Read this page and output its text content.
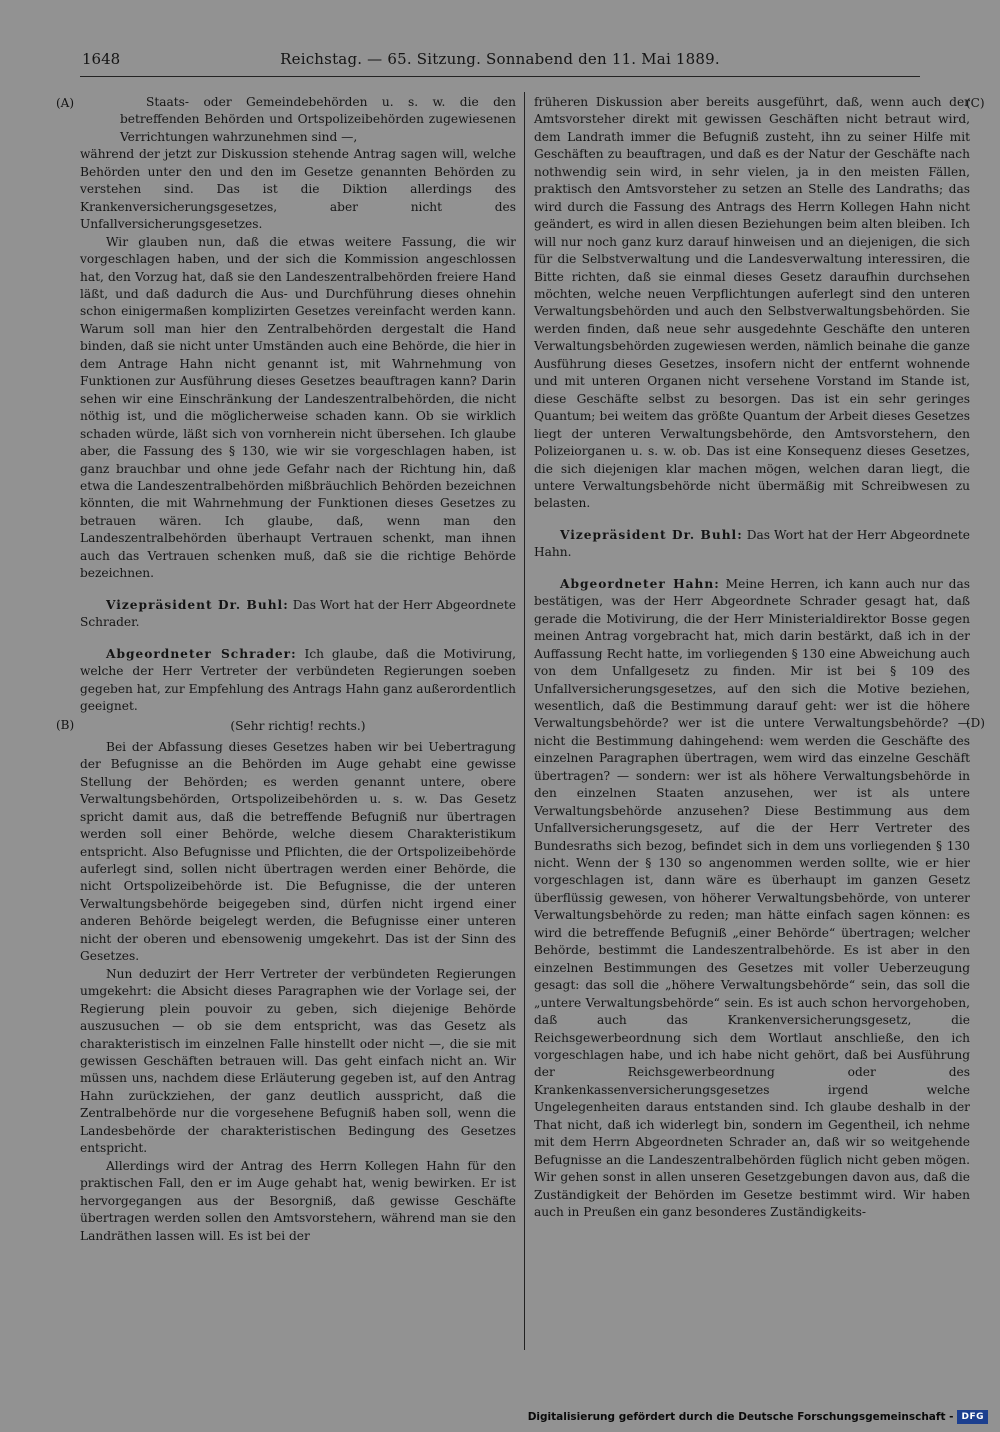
1648	Reichstag. — 65. Sitzung. Sonnabend den 11. Mai 1889.
(A)
(B)
(C)
(D)

Staats- oder Gemeindebehörden u. s. w. die den betreffenden Behörden und Ortspolizeibehörden zugewiesenen Verrichtungen wahrzunehmen sind —,

während der jetzt zur Diskussion stehende Antrag sagen will, welche Behörden unter den und den im Gesetze genannten Behörden zu verstehen sind. Das ist die Diktion allerdings des Krankenversicherungsgesetzes, aber nicht des Unfallversicherungsgesetzes.

Wir glauben nun, daß die etwas weitere Fassung, die wir vorgeschlagen haben, und der sich die Kommission angeschlossen hat, den Vorzug hat, daß sie den Landeszentralbehörden freiere Hand läßt, und daß dadurch die Aus- und Durchführung dieses ohnehin schon einigermaßen komplizirten Gesetzes vereinfacht werden kann. Warum soll man hier den Zentralbehörden dergestalt die Hand binden, daß sie nicht unter Umständen auch eine Behörde, die hier in dem Antrage Hahn nicht genannt ist, mit Wahrnehmung von Funktionen zur Ausführung dieses Gesetzes beauftragen kann? Darin sehen wir eine Einschränkung der Landeszentralbehörden, die nicht nöthig ist, und die möglicherweise schaden kann. Ob sie wirklich schaden würde, läßt sich von vornherein nicht übersehen. Ich glaube aber, die Fassung des § 130, wie wir sie vorgeschlagen haben, ist ganz brauchbar und ohne jede Gefahr nach der Richtung hin, daß etwa die Landeszentralbehörden mißbräuchlich Behörden bezeichnen könnten, die mit Wahrnehmung der Funktionen dieses Gesetzes zu betrauen wären. Ich glaube, daß, wenn man den Landeszentralbehörden überhaupt Vertrauen schenkt, man ihnen auch das Vertrauen schenken muß, daß sie die richtige Behörde bezeichnen.

Vizepräsident Dr. Buhl: Das Wort hat der Herr Abgeordnete Schrader.

Abgeordneter Schrader: Ich glaube, daß die Motivirung, welche der Herr Vertreter der verbündeten Regierungen soeben gegeben hat, zur Empfehlung des Antrags Hahn ganz außerordentlich geeignet.

(Sehr richtig! rechts.)

Bei der Abfassung dieses Gesetzes haben wir bei Uebertragung der Befugnisse an die Behörden im Auge gehabt eine gewisse Stellung der Behörden; es werden genannt untere, obere Verwaltungsbehörden, Ortspolizeibehörden u. s. w. Das Gesetz spricht damit aus, daß die betreffende Befugniß nur übertragen werden soll einer Behörde, welche diesem Charakteristikum entspricht. Also Befugnisse und Pflichten, die der Ortspolizeibehörde auferlegt sind, sollen nicht übertragen werden einer Behörde, die nicht Ortspolizeibehörde ist. Die Befugnisse, die der unteren Verwaltungsbehörde beigegeben sind, dürfen nicht irgend einer anderen Behörde beigelegt werden, die Befugnisse einer unteren nicht der oberen und ebensowenig umgekehrt. Das ist der Sinn des Gesetzes.

Nun deduzirt der Herr Vertreter der verbündeten Regierungen umgekehrt: die Absicht dieses Paragraphen wie der Vorlage sei, der Regierung plein pouvoir zu geben, sich diejenige Behörde auszusuchen — ob sie dem entspricht, was das Gesetz als charakteristisch im einzelnen Falle hinstellt oder nicht —, die sie mit gewissen Geschäften betrauen will. Das geht einfach nicht an. Wir müssen uns, nachdem diese Erläuterung gegeben ist, auf den Antrag Hahn zurückziehen, der ganz deutlich ausspricht, daß die Zentralbehörde nur die vorgesehene Befugniß haben soll, wenn die Landesbehörde der charakteristischen Bedingung des Gesetzes entspricht.

Allerdings wird der Antrag des Herrn Kollegen Hahn für den praktischen Fall, den er im Auge gehabt hat, wenig bewirken. Er ist hervorgegangen aus der Besorgniß, daß gewisse Geschäfte übertragen werden sollen den Amtsvorstehern, während man sie den Landräthen lassen will. Es ist bei der

früheren Diskussion aber bereits ausgeführt, daß, wenn auch der Amtsvorsteher direkt mit gewissen Geschäften nicht betraut wird, dem Landrath immer die Befugniß zusteht, ihn zu seiner Hilfe mit Geschäften zu beauftragen, und daß es der Natur der Geschäfte nach nothwendig sein wird, in sehr vielen, ja in den meisten Fällen, praktisch den Amtsvorsteher zu setzen an Stelle des Landraths; das wird durch die Fassung des Antrags des Herrn Kollegen Hahn nicht geändert, es wird in allen diesen Beziehungen beim alten bleiben. Ich will nur noch ganz kurz darauf hinweisen und an diejenigen, die sich für die Selbstverwaltung und die Landesverwaltung interessiren, die Bitte richten, daß sie einmal dieses Gesetz daraufhin durchsehen möchten, welche neuen Verpflichtungen auferlegt sind den unteren Verwaltungsbehörden und auch den Selbstverwaltungsbehörden. Sie werden finden, daß neue sehr ausgedehnte Geschäfte den unteren Verwaltungsbehörden zugewiesen werden, nämlich beinahe die ganze Ausführung dieses Gesetzes, insofern nicht der entfernt wohnende und mit unteren Organen nicht versehene Vorstand im Stande ist, diese Geschäfte selbst zu besorgen. Das ist ein sehr geringes Quantum; bei weitem das größte Quantum der Arbeit dieses Gesetzes liegt der unteren Verwaltungsbehörde, den Amtsvorstehern, den Polizeiorganen u. s. w. ob. Das ist eine Konsequenz dieses Gesetzes, die sich diejenigen klar machen mögen, welchen daran liegt, die untere Verwaltungsbehörde nicht übermäßig mit Schreibwesen zu belasten.

Vizepräsident Dr. Buhl: Das Wort hat der Herr Abgeordnete Hahn.

Abgeordneter Hahn: Meine Herren, ich kann auch nur das bestätigen, was der Herr Abgeordnete Schrader gesagt hat, daß gerade die Motivirung, die der Herr Ministerialdirektor Bosse gegen meinen Antrag vorgebracht hat, mich darin bestärkt, daß ich in der Auffassung Recht hatte, im vorliegenden § 130 eine Abweichung auch von dem Unfallgesetz zu finden. Mir ist bei § 109 des Unfallversicherungsgesetzes, auf den sich die Motive beziehen, wesentlich, daß die Bestimmung darauf geht: wer ist die höhere Verwaltungsbehörde? wer ist die untere Verwaltungsbehörde? — nicht die Bestimmung dahingehend: wem werden die Geschäfte des einzelnen Paragraphen übertragen, wem wird das einzelne Geschäft übertragen? — sondern: wer ist als höhere Verwaltungsbehörde in den einzelnen Staaten anzusehen, wer ist als untere Verwaltungsbehörde anzusehen? Diese Bestimmung aus dem Unfallversicherungsgesetz, auf die der Herr Vertreter des Bundesraths sich bezog, befindet sich in dem uns vorliegenden § 130 nicht. Wenn der § 130 so angenommen werden sollte, wie er hier vorgeschlagen ist, dann wäre es überhaupt im ganzen Gesetz überflüssig gewesen, von höherer Verwaltungsbehörde, von unterer Verwaltungsbehörde zu reden; man hätte einfach sagen können: es wird die betreffende Befugniß „einer Behörde“ übertragen; welcher Behörde, bestimmt die Landeszentralbehörde. Es ist aber in den einzelnen Bestimmungen des Gesetzes mit voller Ueberzeugung gesagt: das soll die „höhere Verwaltungsbehörde“ sein, das soll die „untere Verwaltungsbehörde“ sein. Es ist auch schon hervorgehoben, daß auch das Krankenversicherungsgesetz, die Reichsgewerbeordnung sich dem Wortlaut anschließe, den ich vorgeschlagen habe, und ich habe nicht gehört, daß bei Ausführung der Reichsgewerbeordnung oder des Krankenkassenversicherungsgesetzes irgend welche Ungelegenheiten daraus entstanden sind. Ich glaube deshalb in der That nicht, daß ich widerlegt bin, sondern im Gegentheil, ich nehme mit dem Herrn Abgeordneten Schrader an, daß wir so weitgehende Befugnisse an die Landeszentralbehörden füglich nicht geben mögen. Wir gehen sonst in allen unseren Gesetzgebungen davon aus, daß die Zuständigkeit der Behörden im Gesetze bestimmt wird. Wir haben auch in Preußen ein ganz besonderes Zuständigkeits-

Digitalisierung gefördert durch die Deutsche Forschungsgemeinschaft - DFG
